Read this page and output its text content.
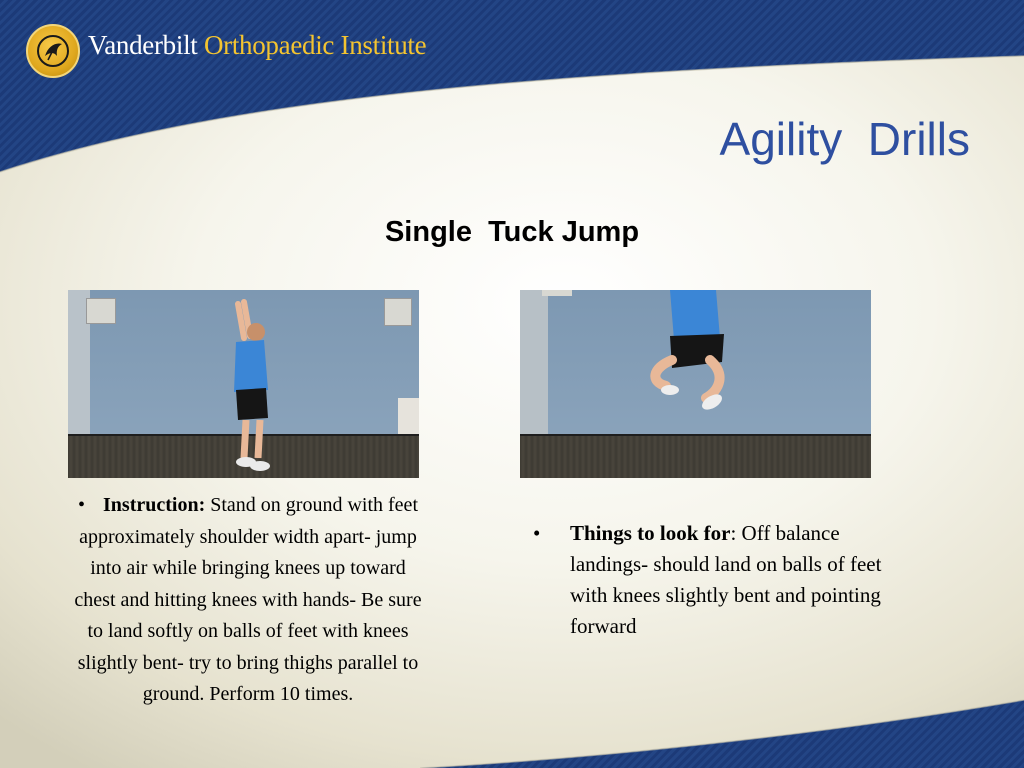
Vanderbilt Orthopaedic Institute
Agility  Drills
Single  Tuck Jump
• Instruction: Stand on ground with feet approximately shoulder width apart- jump into air while bringing knees up toward chest and hitting knees with hands- Be sure to land softly on balls of feet with knees slightly bent- try to bring thighs parallel to ground. Perform 10 times.
• Things to look for: Off balance landings- should land on balls of feet with knees slightly bent and pointing forward
